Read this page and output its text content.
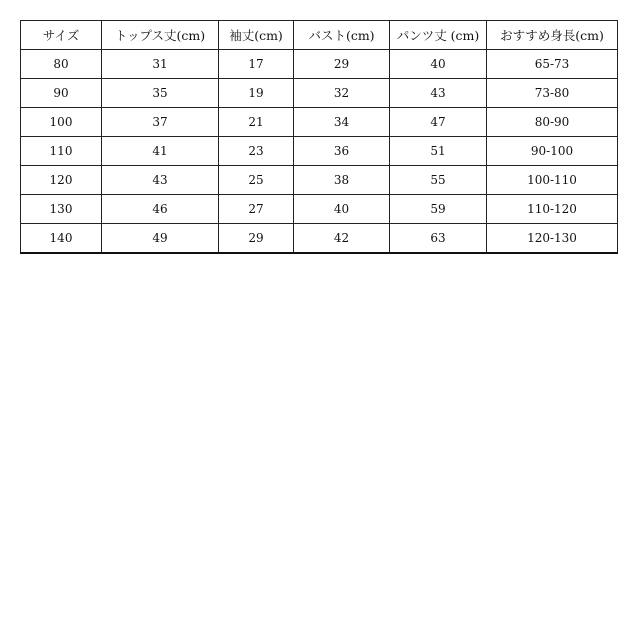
サイズ	トップス丈(cm)	袖丈(cm)	バスト(cm)	パンツ丈 (cm)	おすすめ身長(cm)
80	31	17	29	40	65-73
90	35	19	32	43	73-80
100	37	21	34	47	80-90
110	41	23	36	51	90-100
120	43	25	38	55	100-110
130	46	27	40	59	110-120
140	49	29	42	63	120-130
